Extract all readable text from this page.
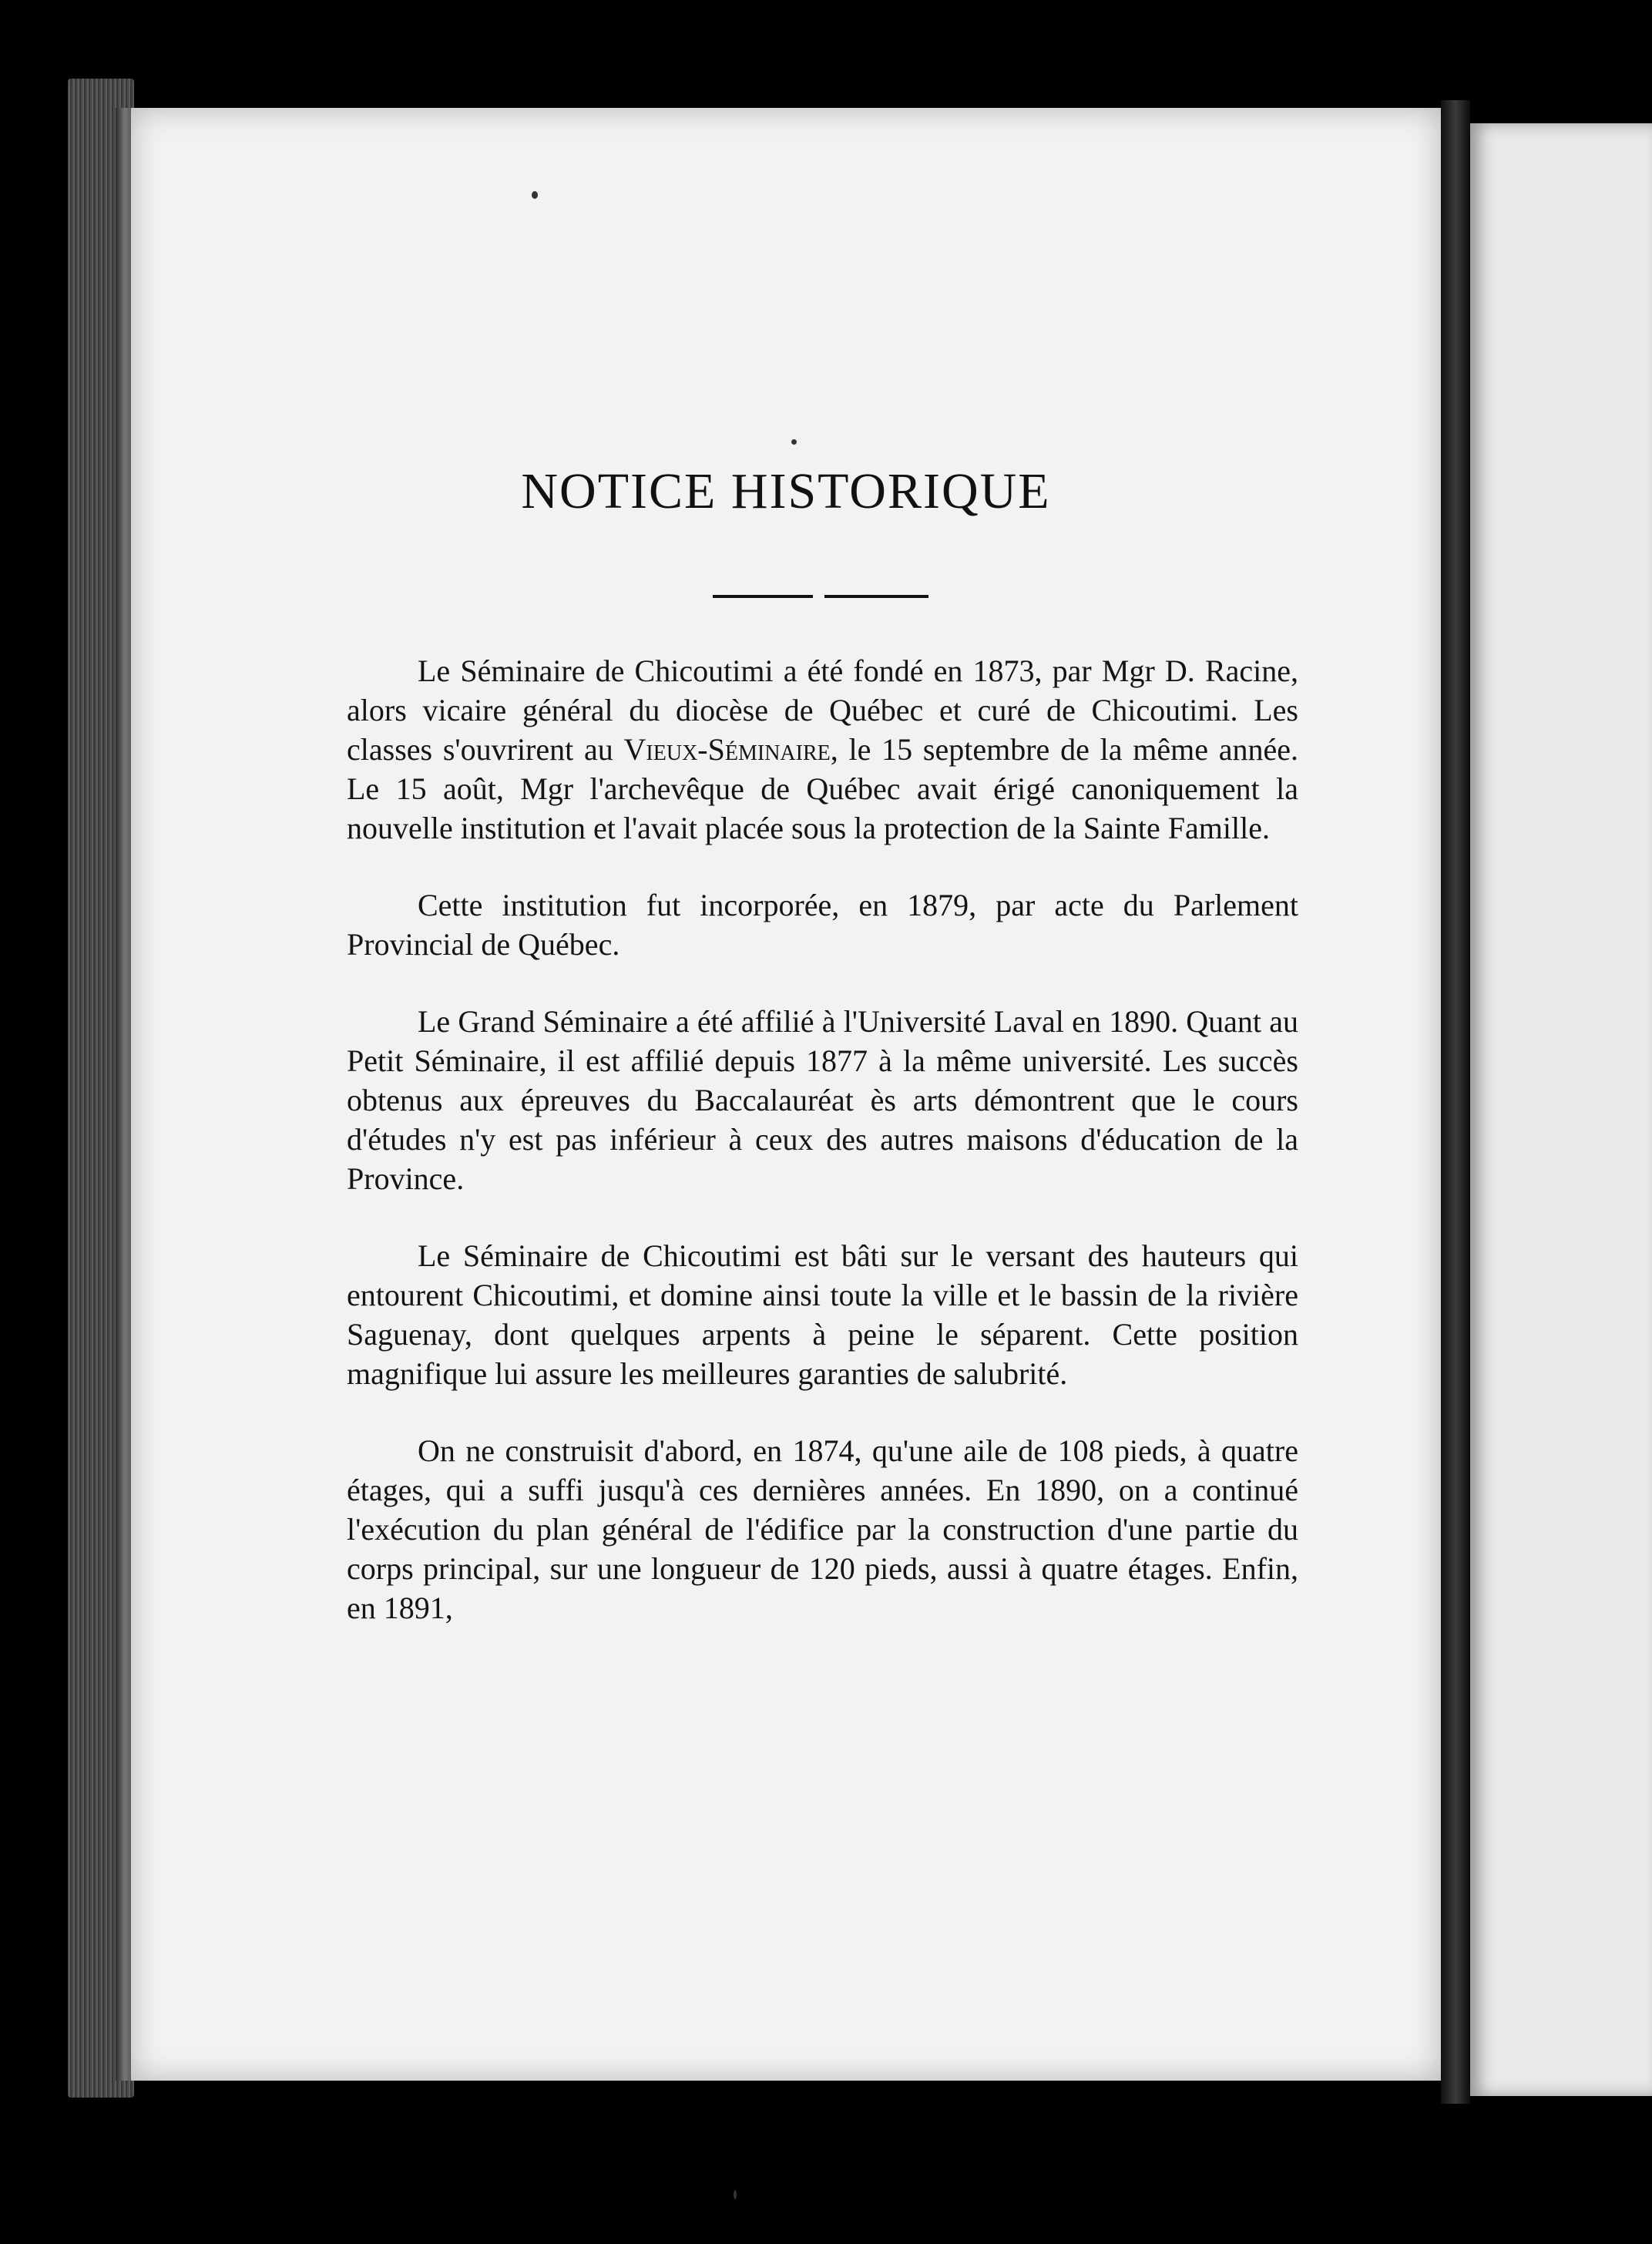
NOTICE HISTORIQUE

Le Séminaire de Chicoutimi a été fondé en 1873, par Mgr D. Racine, alors vicaire général du diocèse de Québec et curé de Chicoutimi. Les classes s'ouvrirent au Vieux-Séminaire, le 15 septembre de la même année. Le 15 août, Mgr l'archevêque de Québec avait érigé canoniquement la nouvelle institution et l'avait placée sous la protection de la Sainte Famille.

Cette institution fut incorporée, en 1879, par acte du Parlement Provincial de Québec.

Le Grand Séminaire a été affilié à l'Université Laval en 1890. Quant au Petit Séminaire, il est affilié depuis 1877 à la même université. Les succès obtenus aux épreuves du Baccalauréat ès arts démontrent que le cours d'études n'y est pas inférieur à ceux des autres maisons d'éducation de la Province.

Le Séminaire de Chicoutimi est bâti sur le versant des hauteurs qui entourent Chicoutimi, et domine ainsi toute la ville et le bassin de la rivière Saguenay, dont quelques arpents à peine le séparent. Cette position magnifique lui assure les meilleures garanties de salubrité.

On ne construisit d'abord, en 1874, qu'une aile de 108 pieds, à quatre étages, qui a suffi jusqu'à ces dernières années. En 1890, on a continué l'exécution du plan général de l'édifice par la construction d'une partie du corps principal, sur une longueur de 120 pieds, aussi à quatre étages. Enfin, en 1891,
